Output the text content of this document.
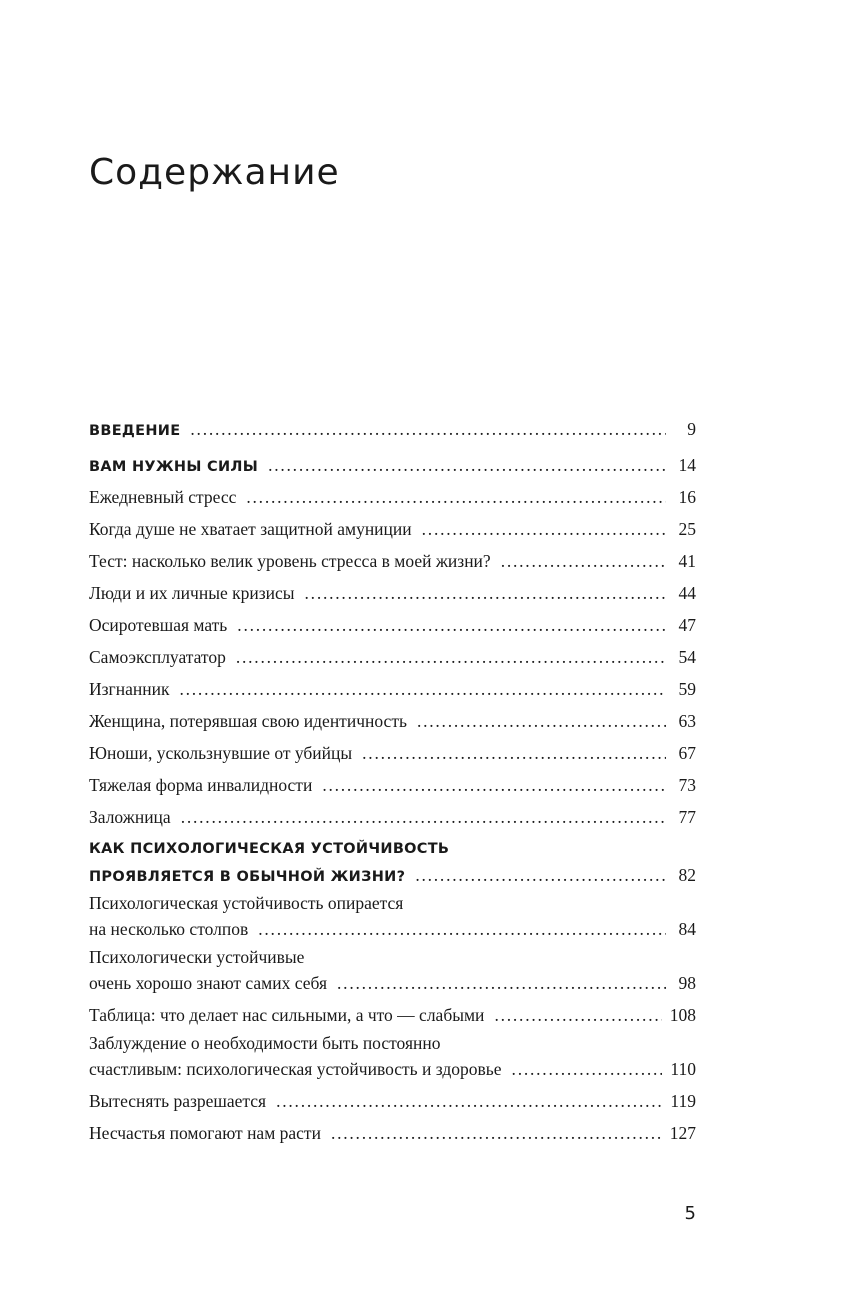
Содержание
ВВЕДЕНИЕ . . .	9
ВАМ НУЖНЫ СИЛЫ . . .	14
Ежедневный стресс . . .	16
Когда душе не хватает защитной амуниции . . .	25
Тест: насколько велик уровень стресса в моей жизни? . . .	41
Люди и их личные кризисы . . .	44
Осиротевшая мать . . .	47
Самоэксплуататор . . .	54
Изгнанник . . .	59
Женщина, потерявшая свою идентичность . . .	63
Юноши, ускользнувшие от убийцы . . .	67
Тяжелая форма инвалидности . . .	73
Заложница . . .	77
КАК ПСИХОЛОГИЧЕСКАЯ УСТОЙЧИВОСТЬ
ПРОЯВЛЯЕТСЯ В ОБЫЧНОЙ ЖИЗНИ? . . .	82
Психологическая устойчивость опирается
на несколько столпов . . .	84
Психологически устойчивые
очень хорошо знают самих себя . . .	98
Таблица: что делает нас сильными, а что — слабыми . . .	108
Заблуждение о необходимости быть постоянно
счастливым: психологическая устойчивость и здоровье . . .	110
Вытеснять разрешается . . .	119
Несчастья помогают нам расти . . .	127
5
